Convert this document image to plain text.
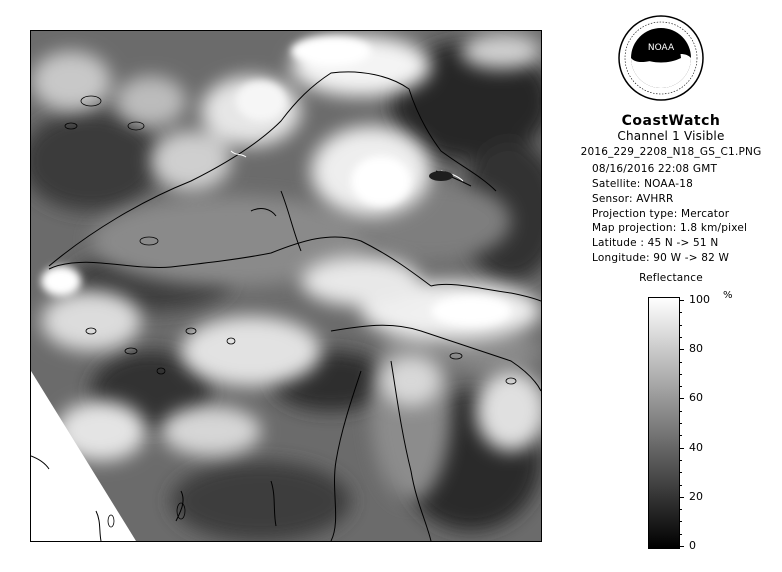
NOAA
CoastWatch
Channel 1 Visible
2016_229_2208_N18_GS_C1.PNG
08/16/2016 22:08 GMT
Satellite: NOAA-18
Sensor: AVHRR
Projection type: Mercator
Map projection: 1.8 km/pixel
Latitude : 45 N -> 51 N
Longitude: 90 W -> 82 W
Reflectance
%
100
80
60
40
20
0
